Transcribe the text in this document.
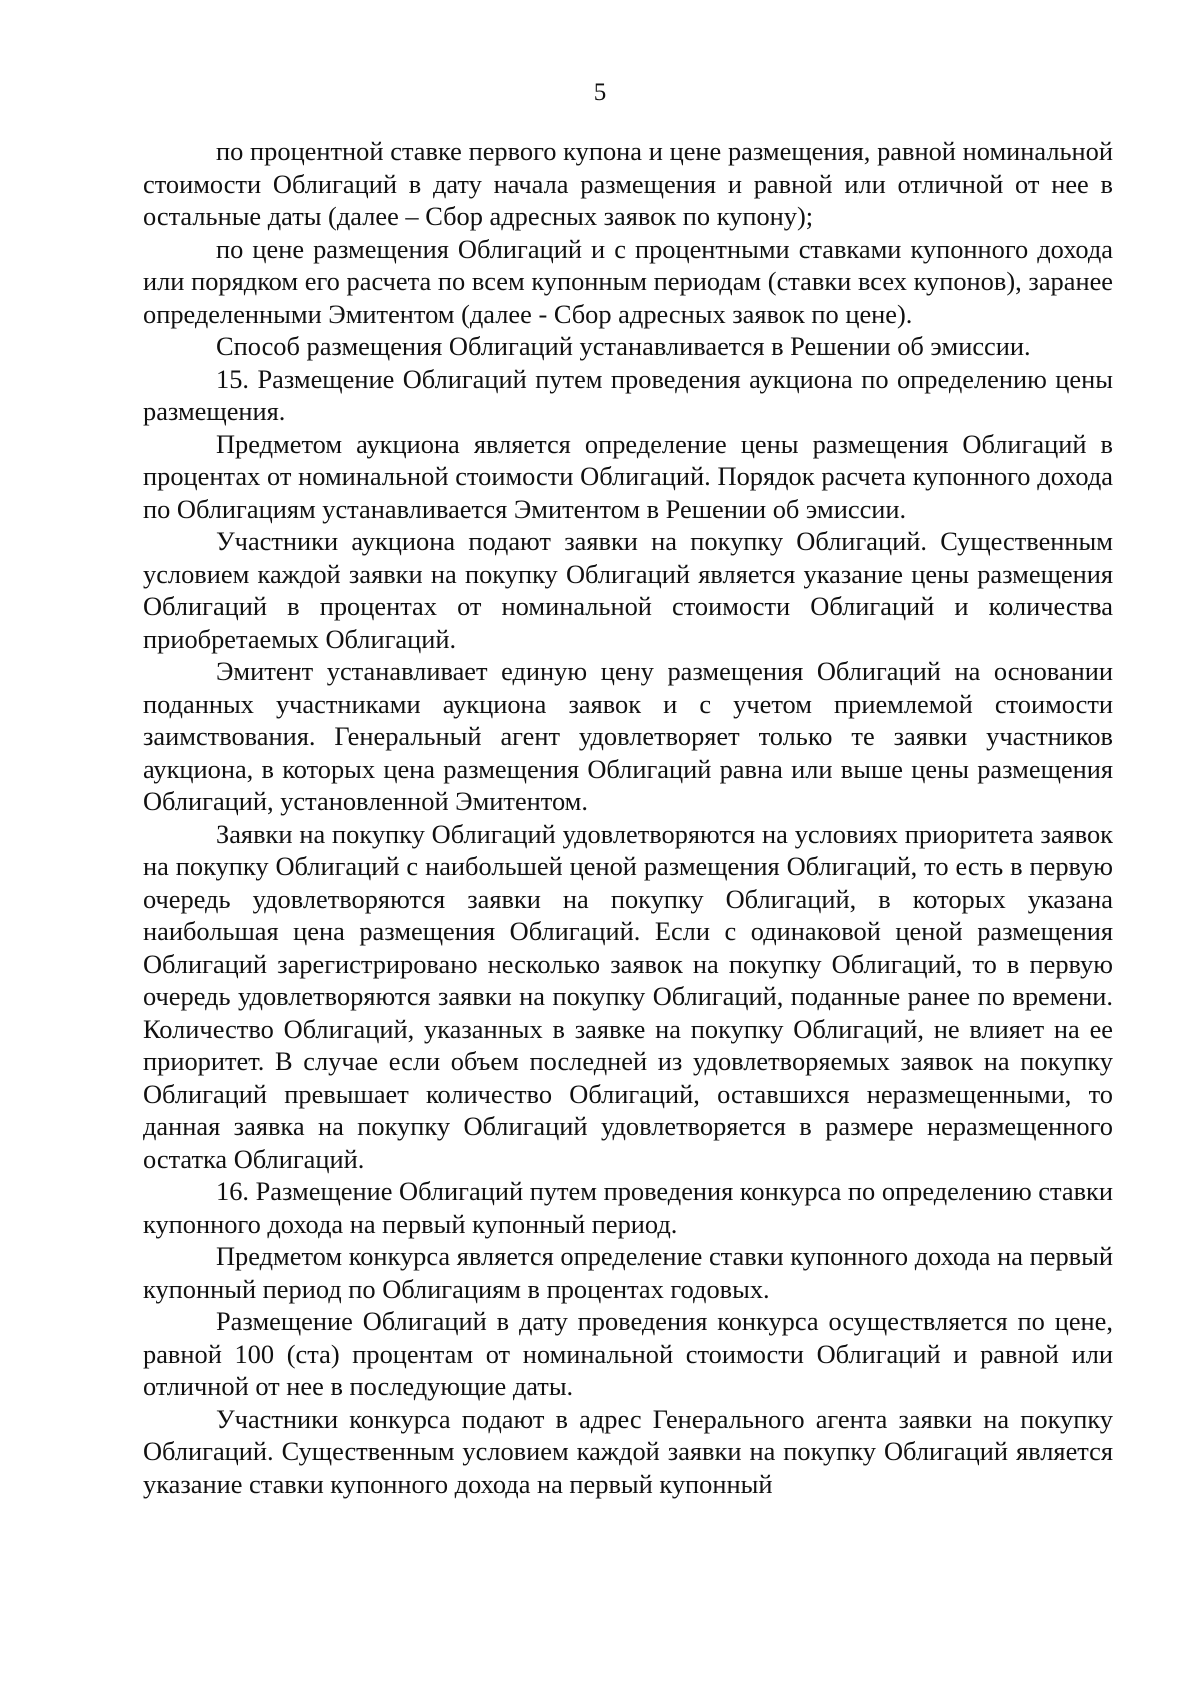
5

по процентной ставке первого купона и цене размещения, равной номинальной стоимости Облигаций в дату начала размещения и равной или отличной от нее в остальные даты (далее – Сбор адресных заявок по купону);

по цене размещения Облигаций и с процентными ставками купонного дохода или порядком его расчета по всем купонным периодам (ставки всех купонов), заранее определенными Эмитентом (далее - Сбор адресных заявок по цене).

Способ размещения Облигаций устанавливается в Решении об эмиссии.

15. Размещение Облигаций путем проведения аукциона по определению цены размещения.

Предметом аукциона является определение цены размещения Облигаций в процентах от номинальной стоимости Облигаций. Порядок расчета купонного дохода по Облигациям устанавливается Эмитентом в Решении об эмиссии.

Участники аукциона подают заявки на покупку Облигаций. Существенным условием каждой заявки на покупку Облигаций является указание цены размещения Облигаций в процентах от номинальной стоимости Облигаций и количества приобретаемых Облигаций.

Эмитент устанавливает единую цену размещения Облигаций на основании поданных участниками аукциона заявок и с учетом приемлемой стоимости заимствования. Генеральный агент удовлетворяет только те заявки участников аукциона, в которых цена размещения Облигаций равна или выше цены размещения Облигаций, установленной Эмитентом.

Заявки на покупку Облигаций удовлетворяются на условиях приоритета заявок на покупку Облигаций с наибольшей ценой размещения Облигаций, то есть в первую очередь удовлетворяются заявки на покупку Облигаций, в которых указана наибольшая цена размещения Облигаций. Если с одинаковой ценой размещения Облигаций зарегистрировано несколько заявок на покупку Облигаций, то в первую очередь удовлетворяются заявки на покупку Облигаций, поданные ранее по времени. Количество Облигаций, указанных в заявке на покупку Облигаций, не влияет на ее приоритет. В случае если объем последней из удовлетворяемых заявок на покупку Облигаций превышает количество Облигаций, оставшихся неразмещенными, то данная заявка на покупку Облигаций удовлетворяется в размере неразмещенного остатка Облигаций.

16. Размещение Облигаций путем проведения конкурса по определению ставки купонного дохода на первый купонный период.

Предметом конкурса является определение ставки купонного дохода на первый купонный период по Облигациям в процентах годовых.

Размещение Облигаций в дату проведения конкурса осуществляется по цене, равной 100 (ста) процентам от номинальной стоимости Облигаций и равной или отличной от нее в последующие даты.

Участники конкурса подают в адрес Генерального агента заявки на покупку Облигаций. Существенным условием каждой заявки на покупку Облигаций является указание ставки купонного дохода на первый купонный
